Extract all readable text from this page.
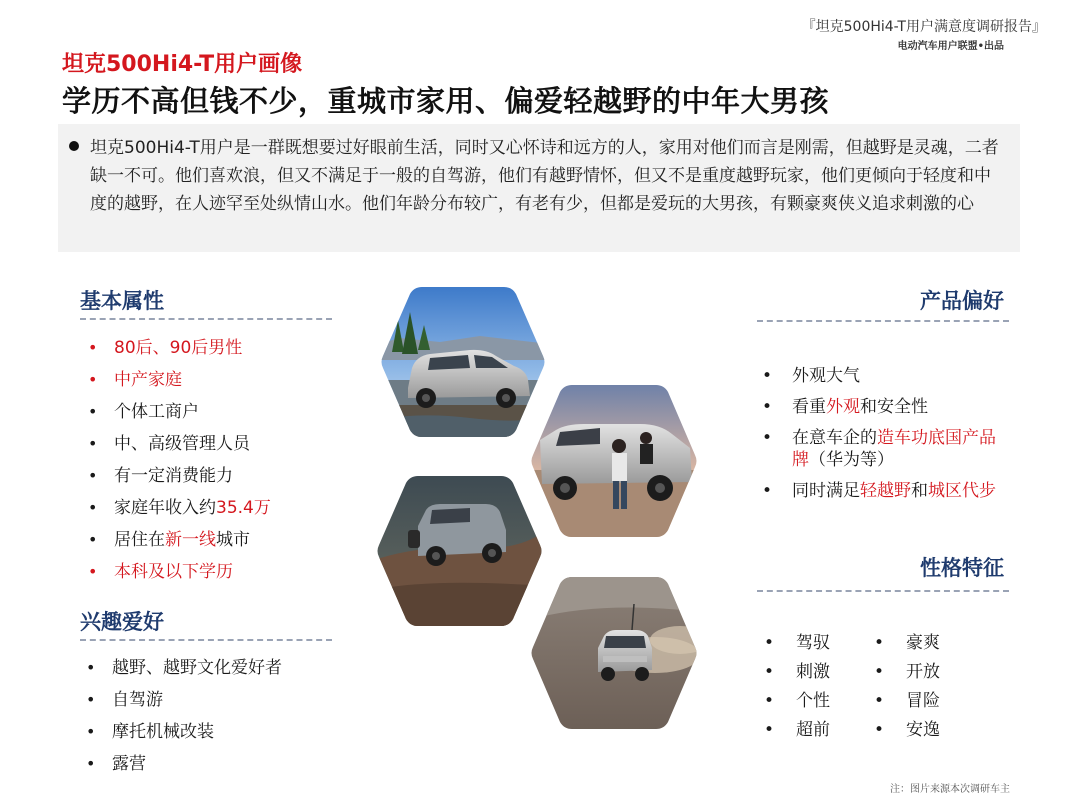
『坦克500Hi4-T用户满意度调研报告』
电动汽车用户联盟•出品
坦克500Hi4-T用户画像
学历不高但钱不少，重城市家用、偏爱轻越野的中年大男孩

坦克500Hi4-T用户是一群既想要过好眼前生活，同时又心怀诗和远方的人，家用对他们而言是刚需，但越野是灵魂，二者缺一不可。他们喜欢浪，但又不满足于一般的自驾游，他们有越野情怀，但又不是重度越野玩家，他们更倾向于轻度和中度的越野，在人迹罕至处纵情山水。他们年龄分布较广，有老有少，但都是爱玩的大男孩，有颗豪爽侠义追求刺激的心

基本属性
• 80后、90后男性
• 中产家庭
• 个体工商户
• 中、高级管理人员
• 有一定消费能力
• 家庭年收入约35.4万
• 居住在新一线城市
• 本科及以下学历
兴趣爱好
• 越野、越野文化爱好者
• 自驾游
• 摩托机械改装
• 露营
产品偏好
• 外观大气
• 看重外观和安全性
• 在意车企的造车功底国产品牌（华为等）
• 同时满足轻越野和城区代步
性格特征
• 驾驭	• 豪爽
• 刺激	• 开放
• 个性	• 冒险
• 超前	• 安逸
注：图片来源本次调研车主
